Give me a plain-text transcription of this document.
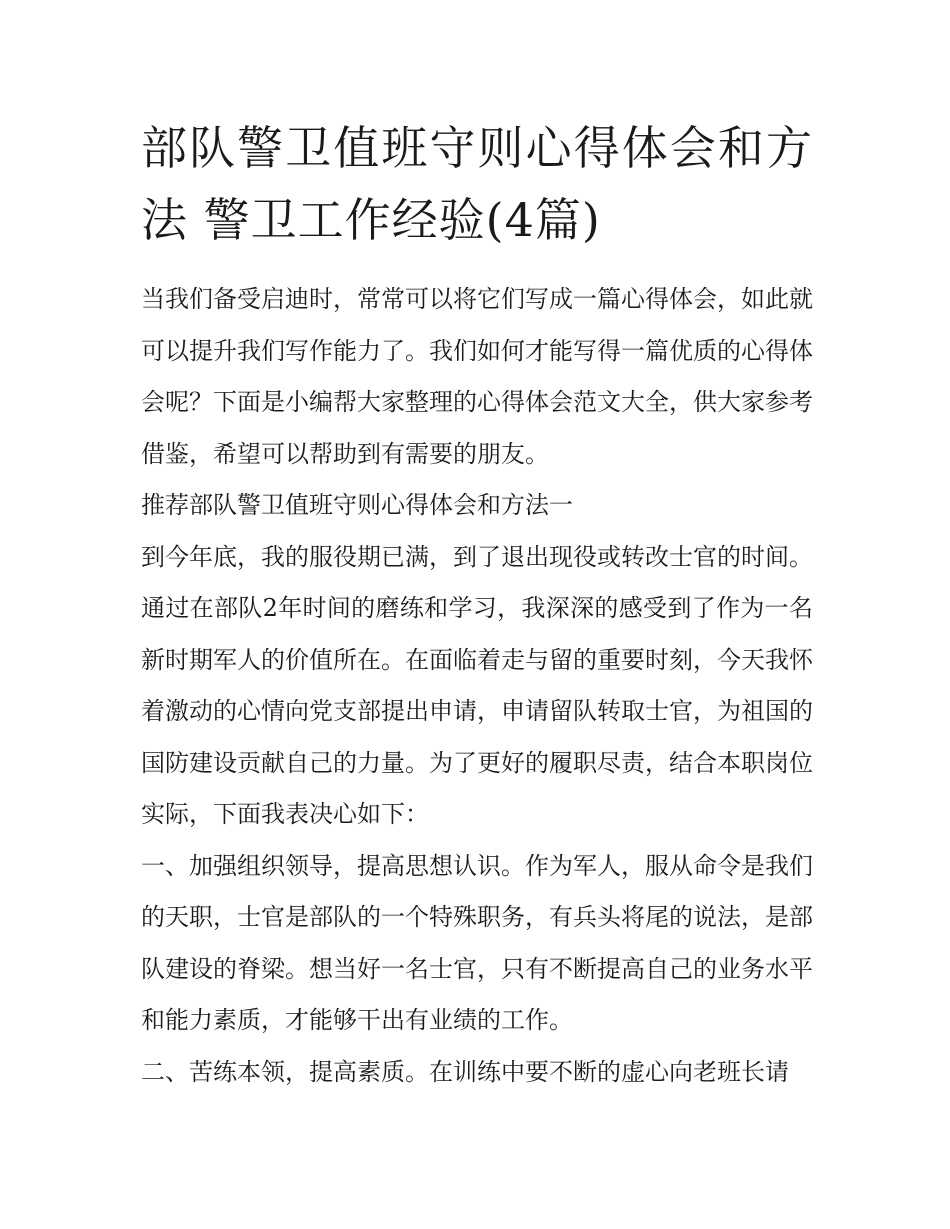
部队警卫值班守则心得体会和方法 警卫工作经验(4篇)

当我们备受启迪时，常常可以将它们写成一篇心得体会，如此就可以提升我们写作能力了。我们如何才能写得一篇优质的心得体会呢？下面是小编帮大家整理的心得体会范文大全，供大家参考借鉴，希望可以帮助到有需要的朋友。

推荐部队警卫值班守则心得体会和方法一

到今年底，我的服役期已满，到了退出现役或转改士官的时间。通过在部队2年时间的磨练和学习，我深深的感受到了作为一名新时期军人的价值所在。在面临着走与留的重要时刻，今天我怀着激动的心情向党支部提出申请，申请留队转取士官，为祖国的国防建设贡献自己的力量。为了更好的履职尽责，结合本职岗位实际，下面我表决心如下：

一、加强组织领导，提高思想认识。作为军人，服从命令是我们的天职，士官是部队的一个特殊职务，有兵头将尾的说法，是部队建设的脊梁。想当好一名士官，只有不断提高自己的业务水平和能力素质，才能够干出有业绩的工作。

二、苦练本领，提高素质。在训练中要不断的虚心向老班长请
